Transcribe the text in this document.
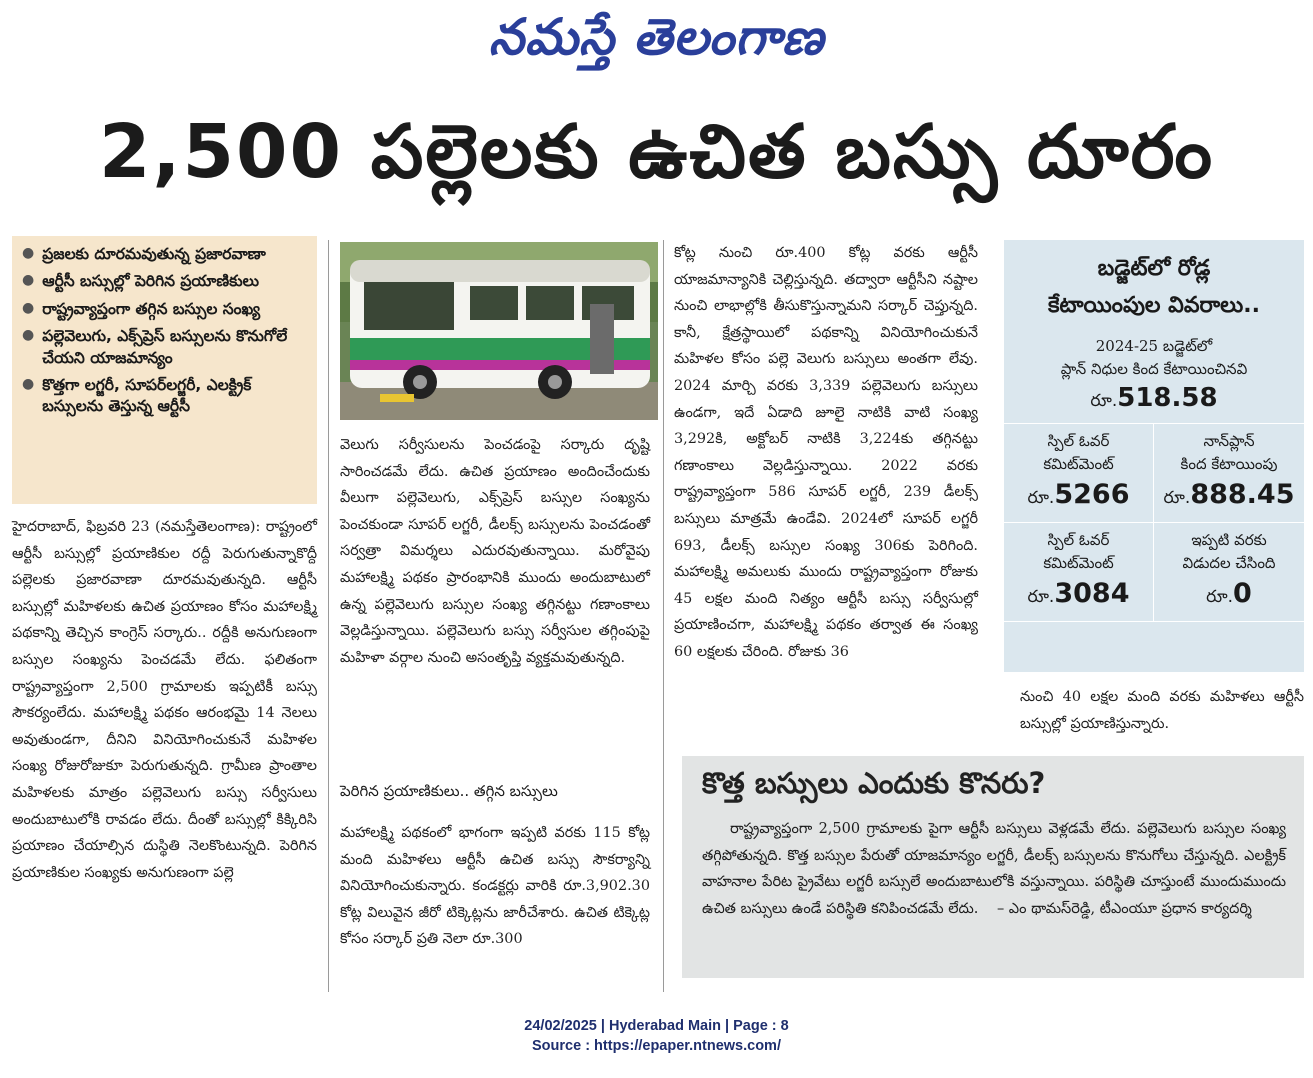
నమస్తే తెలంగాణ
2,500 పల్లెలకు ఉచిత బస్సు దూరం
● ప్రజలకు దూరమవుతున్న ప్రజారవాణా
● ఆర్టీసీ బస్సుల్లో పెరిగిన ప్రయాణికులు
● రాష్ట్రవ్యాప్తంగా తగ్గిన బస్సుల సంఖ్య
● పల్లెవెలుగు, ఎక్స్‌ప్రెస్ బస్సులను కొనుగోలే చేయని యాజమాన్యం
● కొత్తగా లగ్జరీ, సూపర్‌లగ్జరీ, ఎలక్ట్రిక్ బస్సులను తెస్తున్న ఆర్టీసీ

హైదరాబాద్, ఫిబ్రవరి 23 (నమస్తేతెలంగాణ): రాష్ట్రంలో ఆర్టీసీ బస్సుల్లో ప్రయాణికుల రద్దీ పెరుగుతున్నాకొద్దీ పల్లెలకు ప్రజారవాణా దూరమవుతున్నది. ఆర్టీసీ బస్సుల్లో మహిళలకు ఉచిత ప్రయాణం కోసం మహాలక్ష్మి పథకాన్ని తెచ్చిన కాంగ్రెస్ సర్కారు.. రద్దీకి అనుగుణంగా బస్సుల సంఖ్యను పెంచడమే లేదు. ఫలితంగా రాష్ట్రవ్యాప్తంగా 2,500 గ్రామాలకు ఇప్పటికీ బస్సు సౌకర్యంలేదు. మహాలక్ష్మి పథకం ఆరంభమై 14 నెలలు అవుతుండగా, దీనిని వినియోగించుకునే మహిళల సంఖ్య రోజురోజుకూ పెరుగుతున్నది. గ్రామీణ ప్రాంతాల మహిళలకు మాత్రం పల్లెవెలుగు బస్సు సర్వీసులు అందుబాటులోకి రావడం లేదు. దీంతో బస్సుల్లో కిక్కిరిసి ప్రయాణం చేయాల్సిన దుస్థితి నెలకొంటున్నది. పెరిగిన ప్రయాణికుల సంఖ్యకు అనుగుణంగా పల్లె

వెలుగు సర్వీసులను పెంచడంపై సర్కారు దృష్టి సారించడమే లేదు. ఉచిత ప్రయాణం అందించేందుకు వీలుగా పల్లెవెలుగు, ఎక్స్‌ప్రెస్ బస్సుల సంఖ్యను పెంచకుండా సూపర్ లగ్జరీ, డీలక్స్ బస్సులను పెంచడంతో సర్వత్రా విమర్శలు ఎదురవుతున్నాయి. మరోవైపు మహాలక్ష్మి పథకం ప్రారంభానికి ముందు అందుబాటులో ఉన్న పల్లెవెలుగు బస్సుల సంఖ్య తగ్గినట్టు గణాంకాలు వెల్లడిస్తున్నాయి. పల్లెవెలుగు బస్సు సర్వీసుల తగ్గింపుపై మహిళా వర్గాల నుంచి అసంతృప్తి వ్యక్తమవుతున్నది.

పెరిగిన ప్రయాణికులు.. తగ్గిన బస్సులు

మహాలక్ష్మి పథకంలో భాగంగా ఇప్పటి వరకు 115 కోట్ల మంది మహిళలు ఆర్టీసీ ఉచిత బస్సు సౌకర్యాన్ని వినియోగించుకున్నారు. కండక్టర్లు వారికి రూ.3,902.30 కోట్ల విలువైన జీరో టిక్కెట్లను జారీచేశారు. ఉచిత టిక్కెట్ల కోసం సర్కార్ ప్రతి నెలా రూ.300

కోట్ల నుంచి రూ.400 కోట్ల వరకు ఆర్టీసీ యాజమాన్యానికి చెల్లిస్తున్నది. తద్వారా ఆర్టీసీని నష్టాల నుంచి లాభాల్లోకి తీసుకొస్తున్నామని సర్కార్ చెప్తున్నది. కానీ, క్షేత్రస్థాయిలో పథకాన్ని వినియోగించుకునే మహిళల కోసం పల్లె వెలుగు బస్సులు అంతగా లేవు. 2024 మార్చి వరకు 3,339 పల్లెవెలుగు బస్సులు ఉండగా, ఇదే ఏడాది జూలై నాటికి వాటి సంఖ్య 3,292కి, అక్టోబర్ నాటికి 3,224కు తగ్గినట్టు గణాంకాలు వెల్లడిస్తున్నాయి. 2022 వరకు రాష్ట్రవ్యాప్తంగా 586 సూపర్ లగ్జరీ, 239 డీలక్స్ బస్సులు మాత్రమే ఉండేవి. 2024లో సూపర్ లగ్జరీ 693, డీలక్స్ బస్సుల సంఖ్య 306కు పెరిగింది. మహాలక్ష్మి అమలుకు ముందు రాష్ట్రవ్యాప్తంగా రోజుకు 45 లక్షల మంది నిత్యం ఆర్టీసీ బస్సు సర్వీసుల్లో ప్రయాణించగా, మహాలక్ష్మి పథకం తర్వాత ఈ సంఖ్య 60 లక్షలకు చేరింది. రోజుకు 36

బడ్జెట్‌లో రోడ్ల
కేటాయింపుల వివరాలు..
2024-25 బడ్జెట్‌లో
ప్లాన్ నిధుల కింద కేటాయించినవి
రూ.518.58
స్పిల్ ఓవర్
కమిట్‌మెంట్
రూ.5266
నాన్‌ప్లాన్
కింద కేటాయింపు
రూ.888.45
స్పిల్ ఓవర్
కమిట్‌మెంట్
రూ.3084
ఇప్పటి వరకు
విడుదల చేసింది
రూ.0

నుంచి 40 లక్షల మంది వరకు మహిళలు ఆర్టీసీ బస్సుల్లో ప్రయాణిస్తున్నారు.

కొత్త బస్సులు ఎందుకు కొనరు?
రాష్ట్రవ్యాప్తంగా 2,500 గ్రామాలకు పైగా ఆర్టీసీ బస్సులు వెళ్లడమే లేదు. పల్లెవెలుగు బస్సుల సంఖ్య తగ్గిపోతున్నది. కొత్త బస్సుల పేరుతో యాజమాన్యం లగ్జరీ, డీలక్స్ బస్సులను కొనుగోలు చేస్తున్నది. ఎలక్ట్రిక్ వాహనాల పేరిట ప్రైవేటు లగ్జరీ బస్సులే అందుబాటులోకి వస్తున్నాయి. పరిస్థితి చూస్తుంటే ముందుముందు ఉచిత బస్సులు ఉండే పరిస్థితి కనిపించడమే లేదు. – ఎం థామస్‌రెడ్డి, టీఎంయూ ప్రధాన కార్యదర్శి
24/02/2025 | Hyderabad Main | Page : 8
Source : https://epaper.ntnews.com/
